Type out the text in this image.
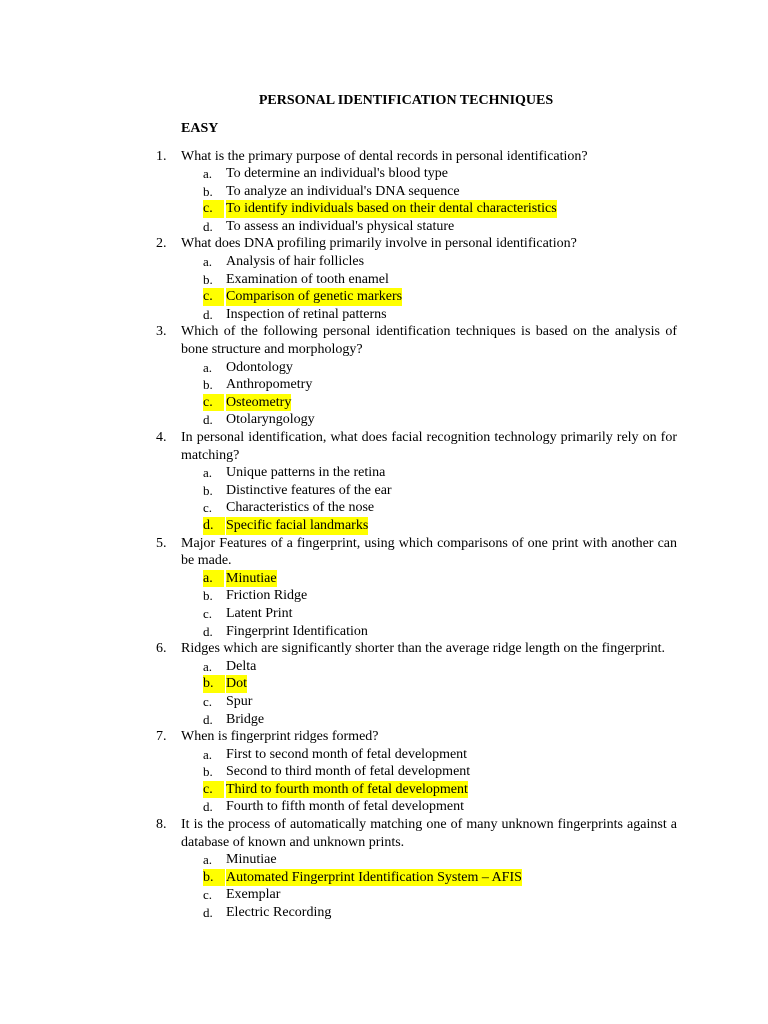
PERSONAL IDENTIFICATION TECHNIQUES
EASY
1.	What is the primary purpose of dental records in personal identification?
a. To determine an individual's blood type
b. To analyze an individual's DNA sequence
c. To identify individuals based on their dental characteristics
d. To assess an individual's physical stature
2.	What does DNA profiling primarily involve in personal identification?
a. Analysis of hair follicles
b. Examination of tooth enamel
c. Comparison of genetic markers
d. Inspection of retinal patterns
3.	Which of the following personal identification techniques is based on the analysis of bone structure and morphology?
a. Odontology
b. Anthropometry
c. Osteometry
d. Otolaryngology
4.	In personal identification, what does facial recognition technology primarily rely on for matching?
a. Unique patterns in the retina
b. Distinctive features of the ear
c. Characteristics of the nose
d. Specific facial landmarks
5.	Major Features of a fingerprint, using which comparisons of one print with another can be made.
a. Minutiae
b. Friction Ridge
c. Latent Print
d. Fingerprint Identification
6.	Ridges which are significantly shorter than the average ridge length on the fingerprint.
a. Delta
b. Dot
c. Spur
d. Bridge
7.	When is fingerprint ridges formed?
a. First to second month of fetal development
b. Second to third month of fetal development
c. Third to fourth month of fetal development
d. Fourth to fifth month of fetal development
8.	It is the process of automatically matching one of many unknown fingerprints against a database of known and unknown prints.
a. Minutiae
b. Automated Fingerprint Identification System – AFIS
c. Exemplar
d. Electric Recording
